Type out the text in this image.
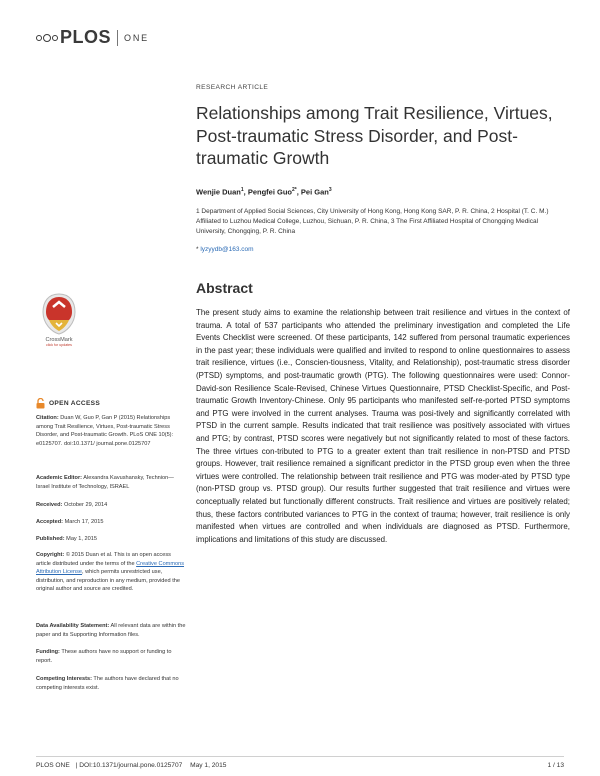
PLOS ONE
RESEARCH ARTICLE
Relationships among Trait Resilience, Virtues, Post-traumatic Stress Disorder, and Post-traumatic Growth
Wenjie Duan$^1$, Pengfei Guo$^{2*}$, Pei Gan$^3$
1 Department of Applied Social Sciences, City University of Hong Kong, Hong Kong SAR, P. R. China, 2 Hospital (T. C. M.) Affiliated to Luzhou Medical College, Luzhou, Sichuan, P. R. China, 3 The First Affiliated Hospital of Chongqing Medical University, Chongqing, P. R. China
* lyzyydb@163.com
Abstract

The present study aims to examine the relationship between trait resilience and virtues in the context of trauma. A total of 537 participants who attended the preliminary investigation and completed the Life Events Checklist were screened. Of these participants, 142 suffered from personal traumatic experiences in the past year; these individuals were qualified and invited to respond to online questionnaires to assess trait resilience, virtues (i.e., Conscien-tiousness, Vitality, and Relationship), post-traumatic stress disorder (PTSD) symptoms, and post-traumatic growth (PTG). The following questionnaires were used: Connor-David-son Resilience Scale-Revised, Chinese Virtues Questionnaire, PTSD Checklist-Specific, and Post-traumatic Growth Inventory-Chinese. Only 95 participants who manifested self-re-ported PTSD symptoms and PTG were involved in the current analyses. Trauma was posi-tively and significantly correlated with PTSD in the current sample. Results indicated that trait resilience was positively associated with virtues and PTG; by contrast, PTSD scores were negatively but not significantly related to most of these factors. The three virtues con-tributed to PTG to a greater extent than trait resilience in non-PTSD and PTSD groups. However, trait resilience remained a significant predictor in the PTSD group even when the three virtues were controlled. The relationship between trait resilience and PTG was moder-ated by PTSD type (non-PTSD group vs. PTSD group). Our results further suggested that trait resilience and virtues were conceptually related but functionally different constructs. Trait resilience and virtues are positively related; thus, these factors contributed variances to PTG in the context of trauma; however, trait resilience is only manifested when virtues are controlled and when individuals are diagnosed as PTSD. Furthermore, implications and limitations of this study are discussed.

CrossMark
click for updates
OPEN ACCESS
Citation: Duan W, Guo P, Gan P (2015) Relationships among Trait Resilience, Virtues, Post-traumatic Stress Disorder, and Post-traumatic Growth. PLoS ONE 10(5): e0125707. doi:10.1371/ journal.pone.0125707
Academic Editor: Alexandra Kavushansky, Technion—Israel Institute of Technology, ISRAEL
Received: October 29, 2014
Accepted: March 17, 2015
Published: May 1, 2015
Copyright: © 2015 Duan et al. This is an open access article distributed under the terms of the Creative Commons Attribution License, which permits unrestricted use, distribution, and reproduction in any medium, provided the original author and source are credited.
Data Availability Statement: All relevant data are within the paper and its Supporting Information files.
Funding: These authors have no support or funding to report.
Competing Interests: The authors have declared that no competing interests exist.
PLOS ONE | DOI:10.1371/journal.pone.0125707 May 1, 2015	1 / 13
